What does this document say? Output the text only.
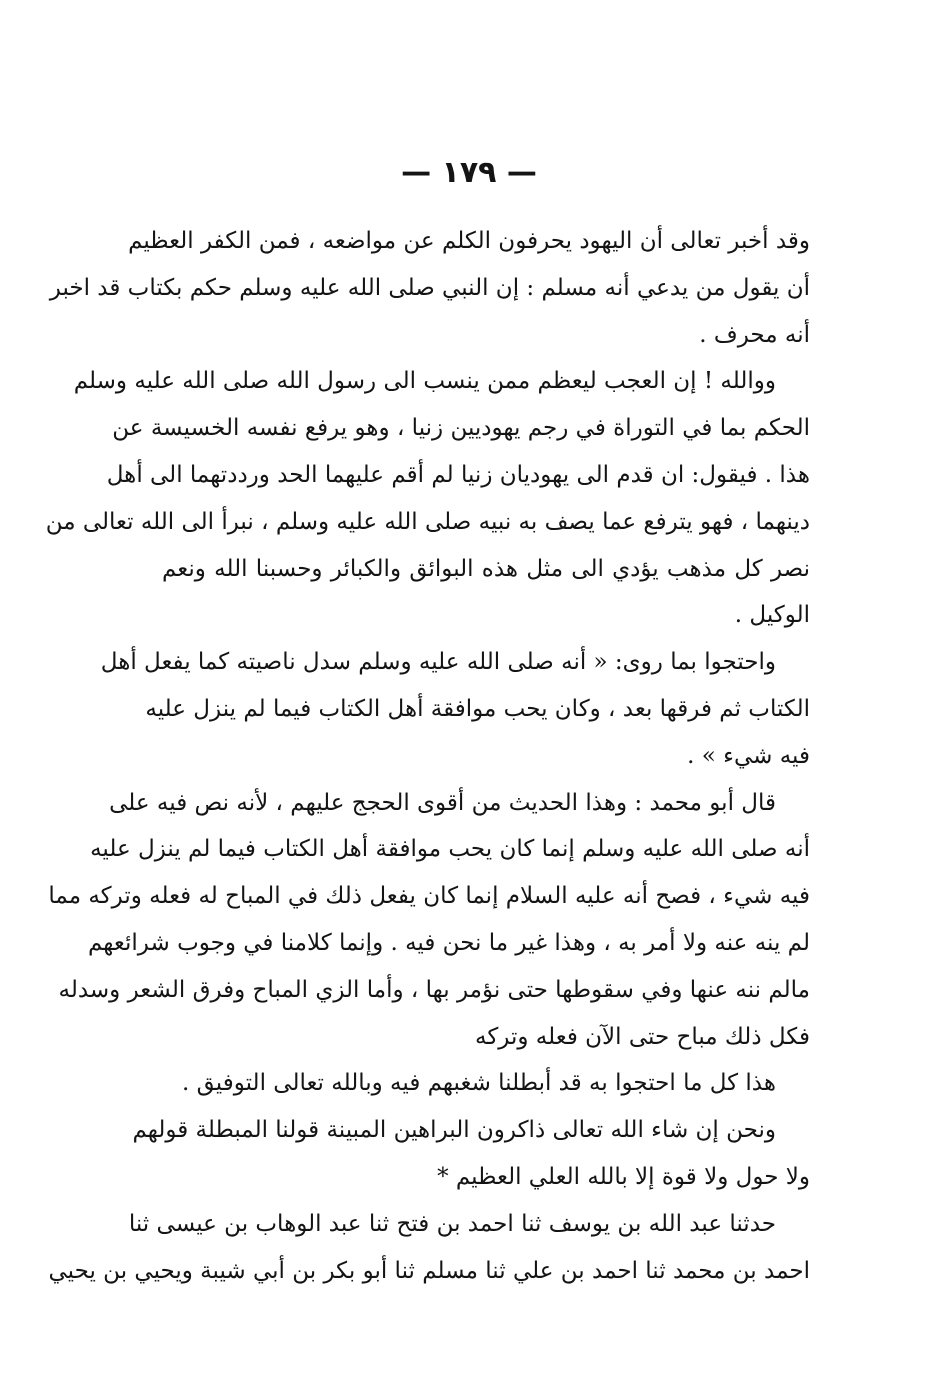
— ١٧٩ —
وقد أخبر تعالى أن اليهود يحرفون الكلم عن مواضعه ، فمن الكفر العظيم
أن يقول من يدعي أنه مسلم : إن النبي صلى الله عليه وسلم حكم بكتاب قد اخبر
أنه محرف .
ووالله ! إن العجب ليعظم ممن ينسب الى رسول الله صلى الله عليه وسلم
الحكم بما في التوراة في رجم يهوديين زنيا ، وهو يرفع نفسه الخسيسة عن
هذا . فيقول: ان قدم الى يهوديان زنيا لم أقم عليهما الحد ورددتهما الى أهل
دينهما ، فهو يترفع عما يصف به نبيه صلى الله عليه وسلم ، نبرأ الى الله تعالى من
نصر كل مذهب يؤدي الى مثل هذه البوائق والكبائر وحسبنا الله ونعم
الوكيل .
واحتجوا بما روى: « أنه صلى الله عليه وسلم سدل ناصيته كما يفعل أهل
الكتاب ثم فرقها بعد ، وكان يحب موافقة أهل الكتاب فيما لم ينزل عليه
فيه شيء » .
قال أبو محمد : وهذا الحديث من أقوى الحجج عليهم ، لأنه نص فيه على
أنه صلى الله عليه وسلم إنما كان يحب موافقة أهل الكتاب فيما لم ينزل عليه
فيه شيء ، فصح أنه عليه السلام إنما كان يفعل ذلك في المباح له فعله وتركه مما
لم ينه عنه ولا أمر به ، وهذا غير ما نحن فيه . وإنما كلامنا في وجوب شرائعهم
مالم ننه عنها وفي سقوطها حتى نؤمر بها ، وأما الزي المباح وفرق الشعر وسدله
فكل ذلك مباح حتى الآن فعله وتركه
هذا كل ما احتجوا به قد أبطلنا شغبهم فيه وبالله تعالى التوفيق .
ونحن إن شاء الله تعالى ذاكرون البراهين المبينة قولنا المبطلة قولهم
ولا حول ولا قوة إلا بالله العلي العظيم *
حدثنا عبد الله بن يوسف ثنا احمد بن فتح ثنا عبد الوهاب بن عيسى ثنا
احمد بن محمد ثنا احمد بن علي ثنا مسلم ثنا أبو بكر بن أبي شيبة ويحيي بن يحيي
